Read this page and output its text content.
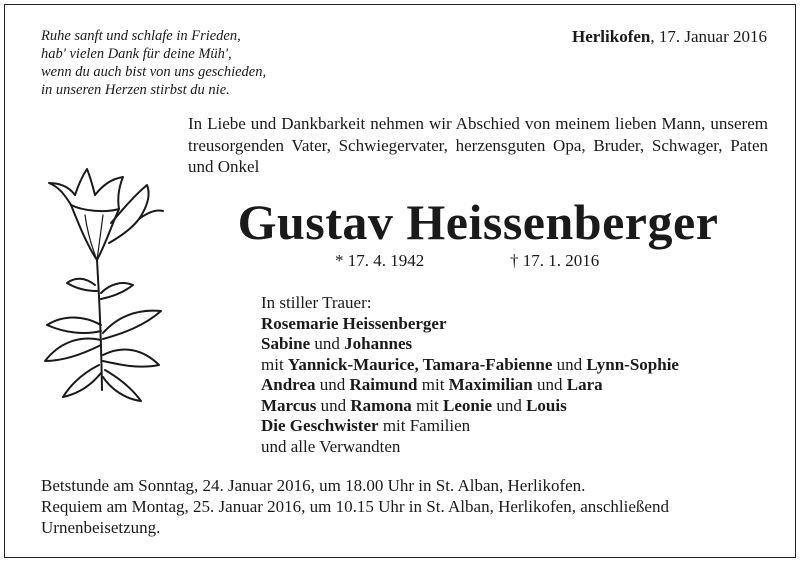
Ruhe sanft und schlafe in Frieden,
hab' vielen Dank für deine Müh',
wenn du auch bist von uns geschieden,
in unseren Herzen stirbst du nie.
Herlikofen, 17. Januar 2016
In Liebe und Dankbarkeit nehmen wir Abschied von meinem lieben Mann, unserem treusorgenden Vater, Schwiegervater, herzensguten Opa, Bruder, Schwager, Paten und Onkel
Gustav Heissenberger
* 17. 4. 1942	† 17. 1. 2016
In stiller Trauer:
Rosemarie Heissenberger
Sabine und Johannes
mit Yannick-Maurice, Tamara-Fabienne und Lynn-Sophie
Andrea und Raimund mit Maximilian und Lara
Marcus und Ramona mit Leonie und Louis
Die Geschwister mit Familien
und alle Verwandten
Betstunde am Sonntag, 24. Januar 2016, um 18.00 Uhr in St. Alban, Herlikofen.
Requiem am Montag, 25. Januar 2016, um 10.15 Uhr in St. Alban, Herlikofen, anschließend Urnenbeisetzung.
